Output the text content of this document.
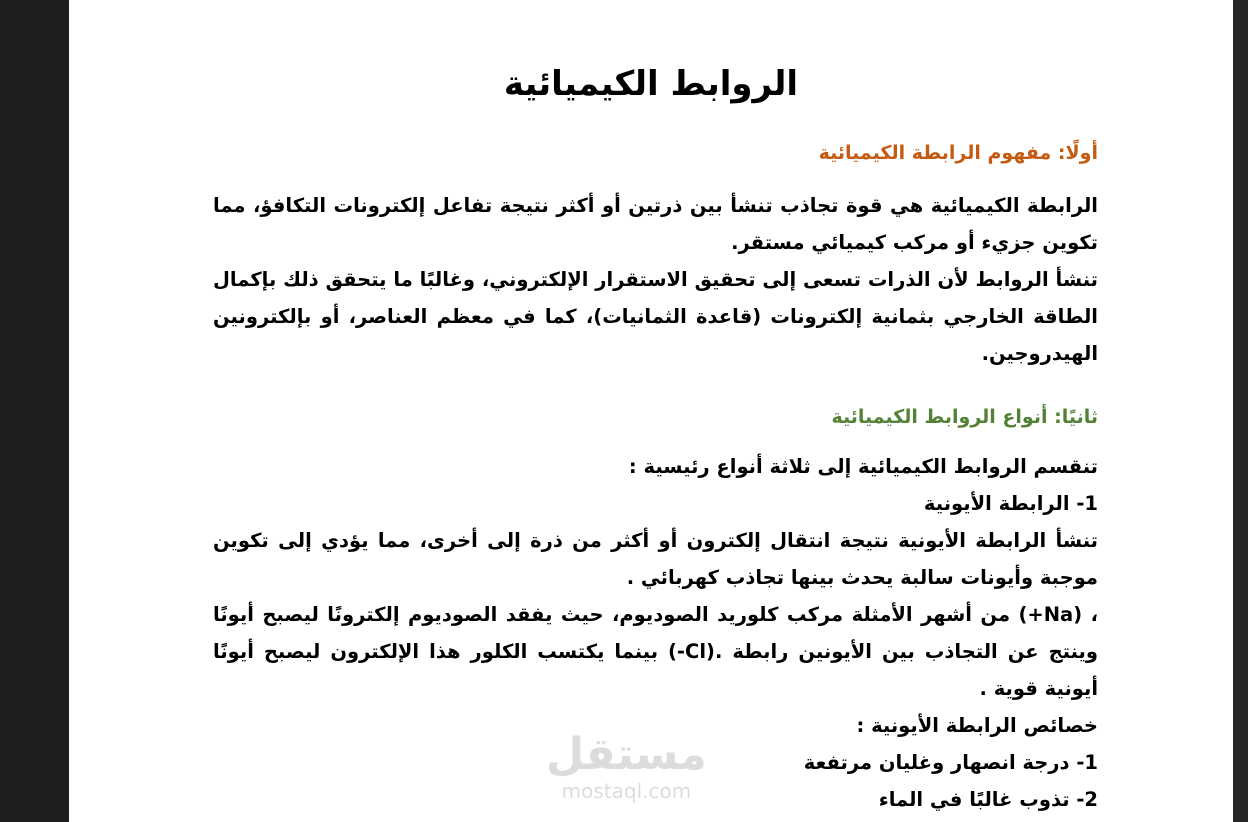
الروابط الكيميائية
أولًا: مفهوم الرابطة الكيميائية
الرابطة الكيميائية هي قوة تجاذب تنشأ بين ذرتين أو أكثر نتيجة تفاعل إلكترونات التكافؤ، مما
تكوين جزيء أو مركب كيميائي مستقر.
تنشأ الروابط لأن الذرات تسعى إلى تحقيق الاستقرار الإلكتروني، وغالبًا ما يتحقق ذلك بإكمال
الطاقة الخارجي بثمانية إلكترونات (قاعدة الثمانيات)، كما في معظم العناصر، أو بإلكترونين
الهيدروجين.
ثانيًا: أنواع الروابط الكيميائية
تنقسم الروابط الكيميائية إلى ثلاثة أنواع رئيسية :
1- الرابطة الأيونية
تنشأ الرابطة الأيونية نتيجة انتقال إلكترون أو أكثر من ذرة إلى أخرى، مما يؤدي إلى تكوين
موجبة وأيونات سالبة يحدث بينها تجاذب كهربائي .
، (Na+) من أشهر الأمثلة مركب كلوريد الصوديوم، حيث يفقد الصوديوم إلكترونًا ليصبح أيونًا
وينتج عن التجاذب بين الأيونين رابطة .(Cl-) بينما يكتسب الكلور هذا الإلكترون ليصبح أيونًا
أيونية قوية .
خصائص الرابطة الأيونية :
1- درجة انصهار وغليان مرتفعة
2- تذوب غالبًا في الماء
مستقل
mostaql.com
